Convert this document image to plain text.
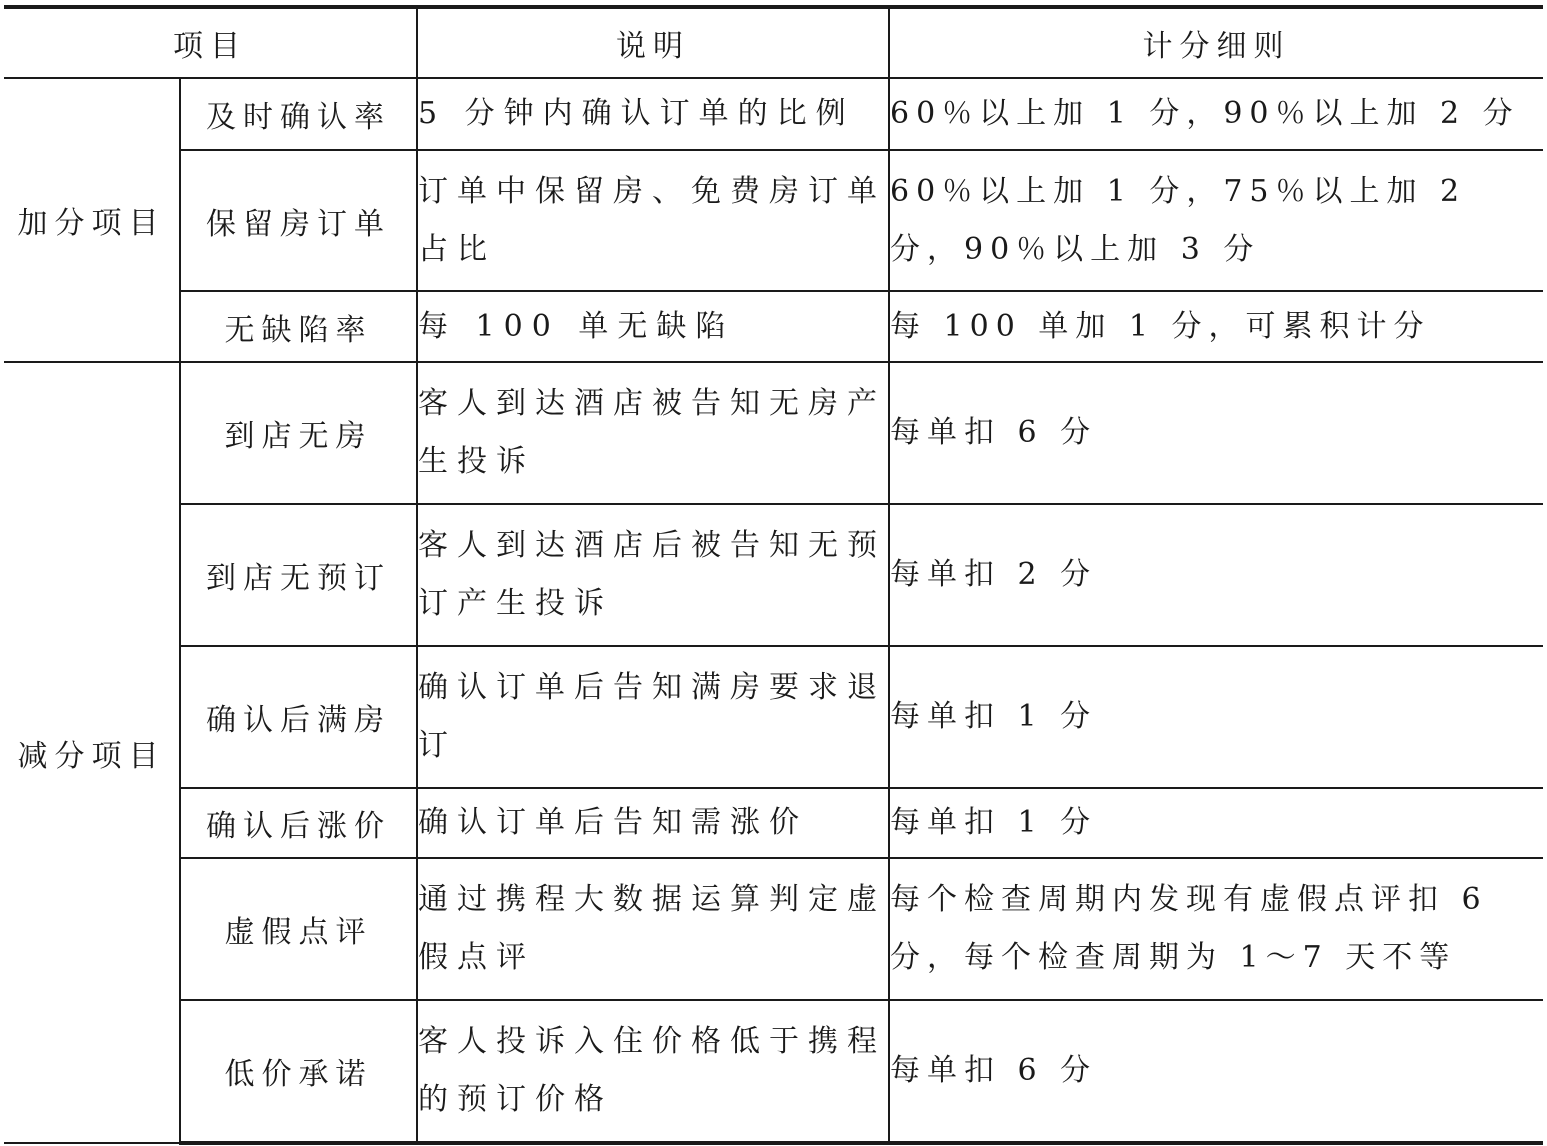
项目		说明	计分细则
加分项目	及时确认率	5 分钟内确认订单的比例	60％以上加 1 分，90％以上加 2 分
	保留房订单	订单中保留房、免费房订单占比	60％以上加 1 分，75％以上加 2 分，90％以上加 3 分
	无缺陷率	每 100 单无缺陷	每 100 单加 1 分，可累积计分
减分项目	到店无房	客人到达酒店被告知无房产生投诉	每单扣 6 分
	到店无预订	客人到达酒店后被告知无预订产生投诉	每单扣 2 分
	确认后满房	确认订单后告知满房要求退订	每单扣 1 分
	确认后涨价	确认订单后告知需涨价	每单扣 1 分
	虚假点评	通过携程大数据运算判定虚假点评	每个检查周期内发现有虚假点评扣 6 分，每个检查周期为 1～7 天不等
	低价承诺	客人投诉入住价格低于携程的预订价格	每单扣 6 分
